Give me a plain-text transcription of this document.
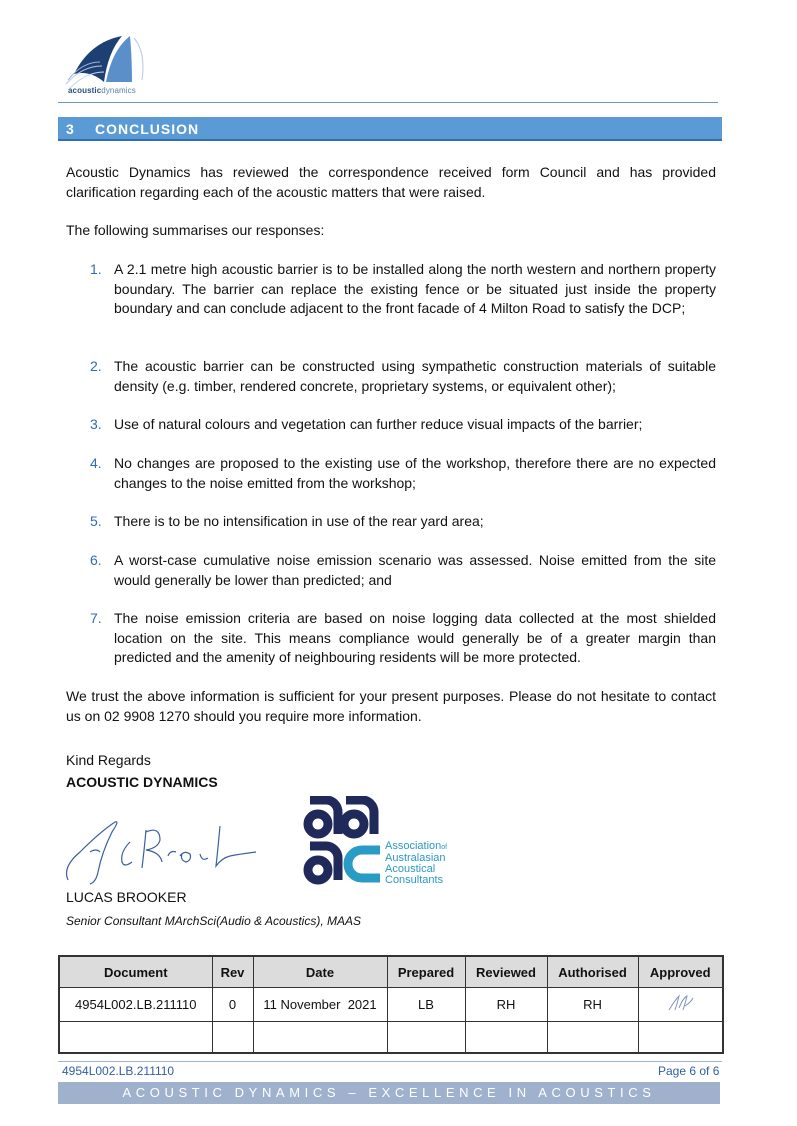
acousticdynamics
3 CONCLUSION
Acoustic Dynamics has reviewed the correspondence received form Council and has provided clarification regarding each of the acoustic matters that were raised.
The following summarises our responses:
1. A 2.1 metre high acoustic barrier is to be installed along the north western and northern property boundary. The barrier can replace the existing fence or be situated just inside the property boundary and can conclude adjacent to the front facade of 4 Milton Road to satisfy the DCP;
2. The acoustic barrier can be constructed using sympathetic construction materials of suitable density (e.g. timber, rendered concrete, proprietary systems, or equivalent other);
3. Use of natural colours and vegetation can further reduce visual impacts of the barrier;
4. No changes are proposed to the existing use of the workshop, therefore there are no expected changes to the noise emitted from the workshop;
5. There is to be no intensification in use of the rear yard area;
6. A worst-case cumulative noise emission scenario was assessed. Noise emitted from the site would generally be lower than predicted; and
7. The noise emission criteria are based on noise logging data collected at the most shielded location on the site. This means compliance would generally be of a greater margin than predicted and the amenity of neighbouring residents will be more protected.
We trust the above information is sufficient for your present purposes. Please do not hesitate to contact us on 02 9908 1270 should you require more information.
Kind Regards
ACOUSTIC DYNAMICS
Associationof
Australasian
Acoustical
Consultants
LUCAS BROOKER
Senior Consultant MArchSci(Audio & Acoustics), MAAS
Document	Rev	Date	Prepared	Reviewed	Authorised	Approved
4954L002.LB.211110	0	11 November  2021	LB	RH	RH	

4954L002.LB.211110	Page 6 of 6
ACOUSTIC DYNAMICS – EXCELLENCE IN ACOUSTICS
